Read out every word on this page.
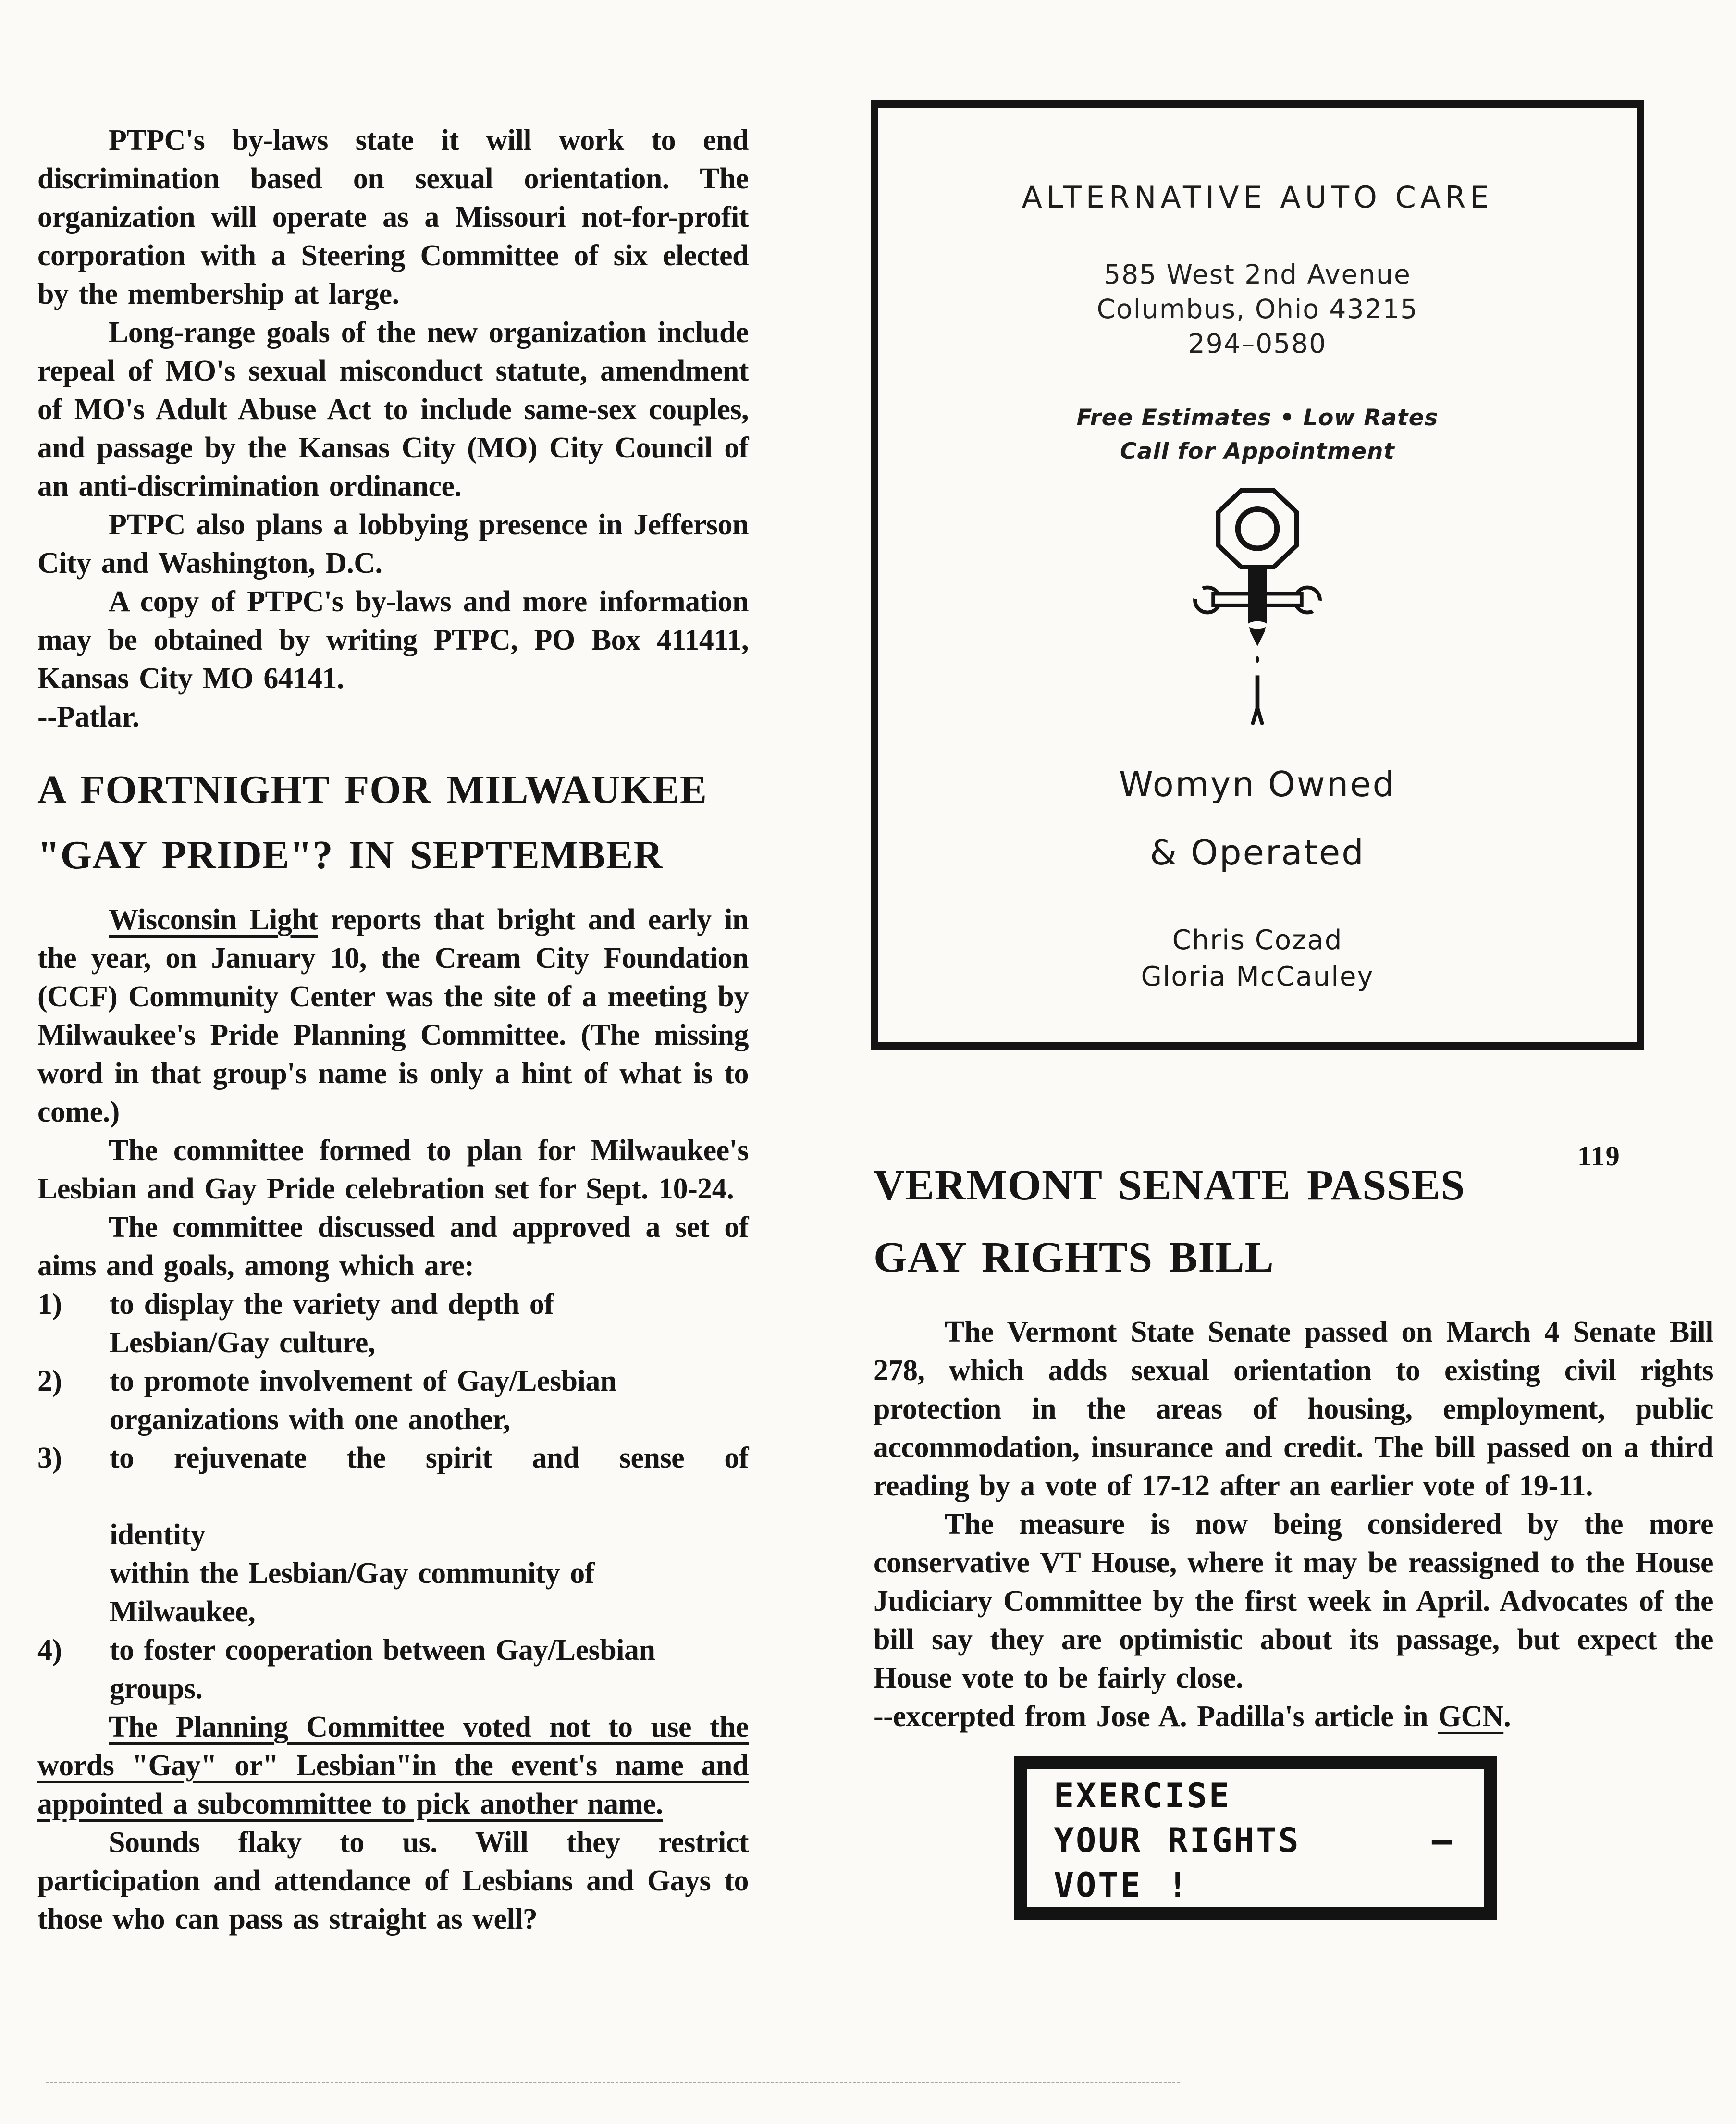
PTPC's by-laws state it will work to end discrimination based on sexual orientation. The organization will operate as a Missouri not-for-profit corporation with a Steering Committee of six elected by the membership at large.

Long-range goals of the new organization include repeal of MO's sexual misconduct statute, amendment of MO's Adult Abuse Act to include same-sex couples, and passage by the Kansas City (MO) City Council of an anti-discrimination ordinance.

PTPC also plans a lobbying presence in Jefferson City and Washington, D.C.

A copy of PTPC's by-laws and more information may be obtained by writing PTPC, PO Box 411411, Kansas City MO 64141.

--Patlar.

A FORTNIGHT FOR MILWAUKEE
"GAY PRIDE"? IN SEPTEMBER

Wisconsin Light reports that bright and early in the year, on January 10, the Cream City Foundation (CCF) Community Center was the site of a meeting by Milwaukee's Pride Planning Committee. (The missing word in that group's name is only a hint of what is to come.)

The committee formed to plan for Milwaukee's Lesbian and Gay Pride celebration set for Sept. 10-24.

The committee discussed and approved a set of aims and goals, among which are:

1)	to display the variety and depth of
Lesbian/Gay culture,
2)	to promote involvement of Gay/Lesbian
organizations with one another,
3)	to rejuvenate the spirit and sense of
identity
within the Lesbian/Gay community of
Milwaukee,
4)	to foster cooperation between Gay/Lesbian
groups.

The Planning Committee voted not to use the words "Gay" or" Lesbian"in the event's name and appointed a subcommittee to pick another name.

Sounds flaky to us. Will they restrict participation and attendance of Lesbians and Gays to those who can pass as straight as well?

ALTERNATIVE AUTO CARE
585 West 2nd Avenue
Columbus, Ohio 43215
294–0580
Free Estimates • Low Rates
Call for Appointment
Womyn Owned
& Operated
Chris Cozad
Gloria McCauley
119

VERMONT SENATE PASSES
GAY RIGHTS BILL

The Vermont State Senate passed on March 4 Senate Bill 278, which adds sexual orientation to existing civil rights protection in the areas of housing, employment, public accommodation, insurance and credit. The bill passed on a third reading by a vote of 17-12 after an earlier vote of 19-11.

The measure is now being considered by the more conservative VT House, where it may be reassigned to the House Judiciary Committee by the first week in April. Advocates of the bill say they are optimistic about its passage, but expect the House vote to be fairly close.

--excerpted from Jose A. Padilla's article in GCN.

EXERCISE
YOUR RIGHTS	–
VOTE !
